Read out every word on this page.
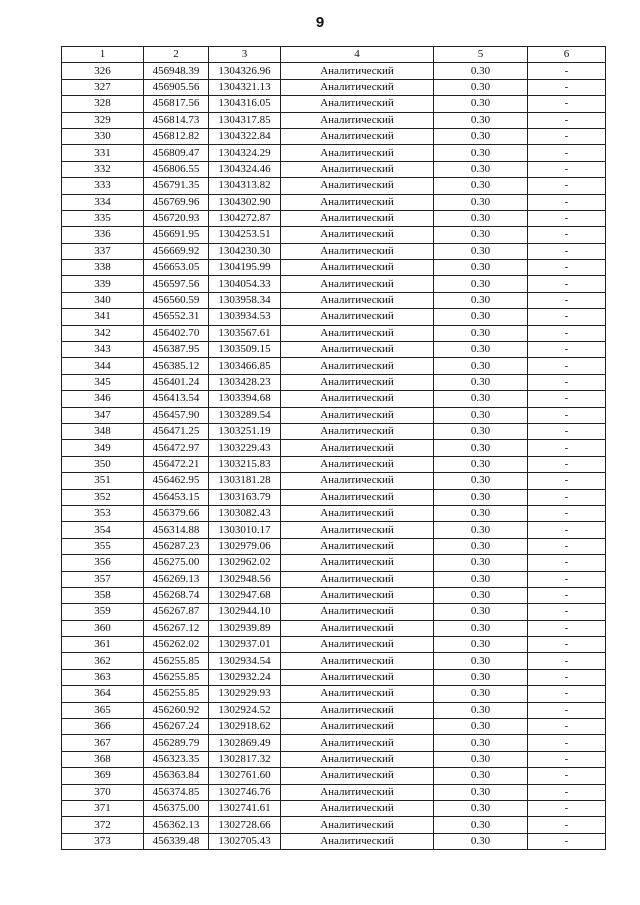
9
1	2	3	4	5	6
326	456948.39	1304326.96	Аналитический	0.30	-
327	456905.56	1304321.13	Аналитический	0.30	-
328	456817.56	1304316.05	Аналитический	0.30	-
329	456814.73	1304317.85	Аналитический	0.30	-
330	456812.82	1304322.84	Аналитический	0.30	-
331	456809.47	1304324.29	Аналитический	0.30	-
332	456806.55	1304324.46	Аналитический	0.30	-
333	456791.35	1304313.82	Аналитический	0.30	-
334	456769.96	1304302.90	Аналитический	0.30	-
335	456720.93	1304272.87	Аналитический	0.30	-
336	456691.95	1304253.51	Аналитический	0.30	-
337	456669.92	1304230.30	Аналитический	0.30	-
338	456653.05	1304195.99	Аналитический	0.30	-
339	456597.56	1304054.33	Аналитический	0.30	-
340	456560.59	1303958.34	Аналитический	0.30	-
341	456552.31	1303934.53	Аналитический	0.30	-
342	456402.70	1303567.61	Аналитический	0.30	-
343	456387.95	1303509.15	Аналитический	0.30	-
344	456385.12	1303466.85	Аналитический	0.30	-
345	456401.24	1303428.23	Аналитический	0.30	-
346	456413.54	1303394.68	Аналитический	0.30	-
347	456457.90	1303289.54	Аналитический	0.30	-
348	456471.25	1303251.19	Аналитический	0.30	-
349	456472.97	1303229.43	Аналитический	0.30	-
350	456472.21	1303215.83	Аналитический	0.30	-
351	456462.95	1303181.28	Аналитический	0.30	-
352	456453.15	1303163.79	Аналитический	0.30	-
353	456379.66	1303082.43	Аналитический	0.30	-
354	456314.88	1303010.17	Аналитический	0.30	-
355	456287.23	1302979.06	Аналитический	0.30	-
356	456275.00	1302962.02	Аналитический	0.30	-
357	456269.13	1302948.56	Аналитический	0.30	-
358	456268.74	1302947.68	Аналитический	0.30	-
359	456267.87	1302944.10	Аналитический	0.30	-
360	456267.12	1302939.89	Аналитический	0.30	-
361	456262.02	1302937.01	Аналитический	0.30	-
362	456255.85	1302934.54	Аналитический	0.30	-
363	456255.85	1302932.24	Аналитический	0.30	-
364	456255.85	1302929.93	Аналитический	0.30	-
365	456260.92	1302924.52	Аналитический	0.30	-
366	456267.24	1302918.62	Аналитический	0.30	-
367	456289.79	1302869.49	Аналитический	0.30	-
368	456323.35	1302817.32	Аналитический	0.30	-
369	456363.84	1302761.60	Аналитический	0.30	-
370	456374.85	1302746.76	Аналитический	0.30	-
371	456375.00	1302741.61	Аналитический	0.30	-
372	456362.13	1302728.66	Аналитический	0.30	-
373	456339.48	1302705.43	Аналитический	0.30	-
